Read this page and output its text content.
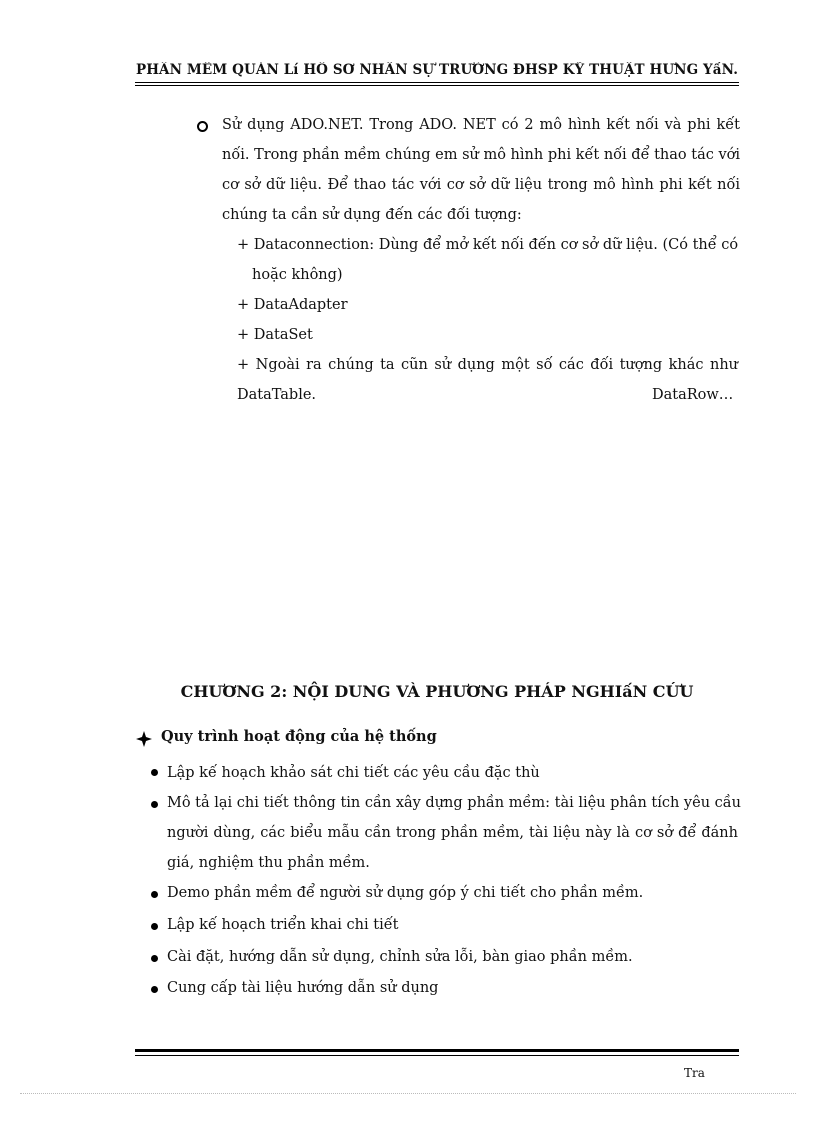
PHẦN MỀM QUẢN Lí HỒ SƠ NHÂN SỰ TRƯỜNG ĐHSP KỸ THUẬT HƯNG YấN.
Sử dụng ADO.NET. Trong ADO. NET có 2 mô hình kết nối và phi kết
nối. Trong phần mềm chúng em sử mô hình phi kết nối để thao tác với
cơ sở dữ liệu. Để thao tác với cơ sở dữ liệu trong mô hình phi kết nối
chúng ta cần sử dụng đến các đối tượng:
+ Dataconnection: Dùng để mở kết nối đến cơ sở dữ liệu. (Có thể có
hoặc không)
+ DataAdapter
+ DataSet
+ Ngoài ra chúng ta cũn sử dụng một số các đối tượng khác như
DataTable.	DataRow…
CHƯƠNG 2: NỘI DUNG VÀ PHƯƠNG PHÁP NGHIấN CỨU
Quy trình hoạt động của hệ thống
Lập kế hoạch khảo sát chi tiết các yêu cầu đặc thù
Mô tả lại chi tiết thông tin cần xây dựng phần mềm: tài liệu phân tích yêu cầu
người dùng, các biểu mẫu cần trong phần mềm, tài liệu này là cơ sở để đánh
giá, nghiệm thu phần mềm.
Demo phần mềm để người sử dụng góp ý chi tiết cho phần mềm.
Lập kế hoạch triển khai chi tiết
Cài đặt, hướng dẫn sử dụng, chỉnh sửa lỗi, bàn giao phần mềm.
Cung cấp tài liệu hướng dẫn sử dụng
Tra
